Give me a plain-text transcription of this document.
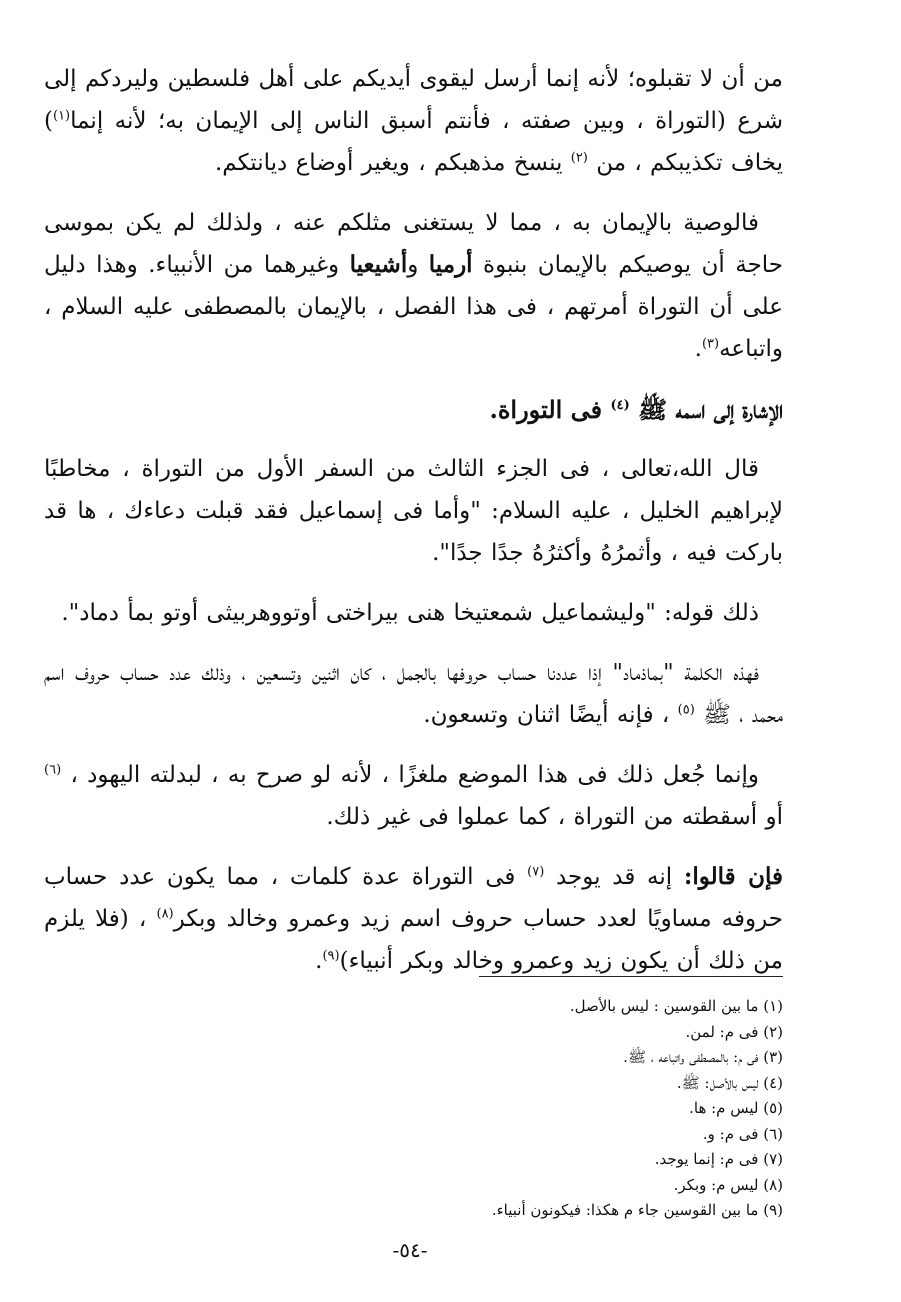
من أن لا تقبلوه؛ لأنه إنما أرسل ليقوى أيديكم على أهل فلسطين وليردكم إلى شرع (التوراة ، وبين صفته ، فأنتم أسبق الناس إلى الإيمان به؛ لأنه إنما$^{(١)}$) يخاف تكذيبكم ، من $^{(٢)}$ ينسخ مذهبكم ، ويغير أوضاع ديانتكم.

فالوصية بالإيمان به ، مما لا يستغنى مثلكم عنه ، ولذلك لم يكن بموسى حاجة أن يوصيكم بالإيمان بنبوة أرميا وأشيعيا وغيرهما من الأنبياء. وهذا دليل على أن التوراة أمرتهم ، فى هذا الفصل ، بالإيمان بالمصطفى عليه السلام ، واتباعه$^{(٣)}$.

الإشارة إلى اسمه ﷺ $^{(٤)}$ فى التوراة.

قال الله،تعالى ، فى الجزء الثالث من السفر الأول من التوراة ، مخاطبًا لإبراهيم الخليل ، عليه السلام: "وأما فى إسماعيل فقد قبلت دعاءك ، ها قد باركت فيه ، وأثمرُهُ وأكثرُهُ جدًا جدًا".

ذلك قوله: "وليشماعيل شمعتيخا هنى بيراختى أوتووهربيثى أوتو بمأ دماد".

فهذه الكلمة "بماذماد" إذا عددنا حساب حروفها بالجمل ، كان اثنين وتسعين ، وذلك عدد حساب حروف اسم محمد ، ﷺ $^{(٥)}$ ، فإنه أيضًا اثنان وتسعون.

وإنما جُعل ذلك فى هذا الموضع ملغزًا ، لأنه لو صرح به ، لبدلته اليهود ، $^{(٦)}$ أو أسقطته من التوراة ، كما عملوا فى غير ذلك.

فإن قالوا: إنه قد يوجد $^{(٧)}$ فى التوراة عدة كلمات ، مما يكون عدد حساب حروفه مساويًا لعدد حساب حروف اسم زيد وعمرو وخالد وبكر$^{(٨)}$ ، (فلا يلزم من ذلك أن يكون زيد وعمرو وخالد وبكر أنبياء)$^{(٩)}$.

(١) ما بين القوسين : ليس بالأصل.

(٢) فى م: لمن.

(٣) فى م: بالمصطفى واتباعه ، ﷺ.

(٤) ليس بالأصل: ﷺ.

(٥) ليس م: ها.

(٦) فى م: و.

(٧) فى م: إنما يوجد.

(٨) ليس م: وبكر.

(٩) ما بين القوسين جاء م هكذا: فيكونون أنبياء.

-٥٤-
